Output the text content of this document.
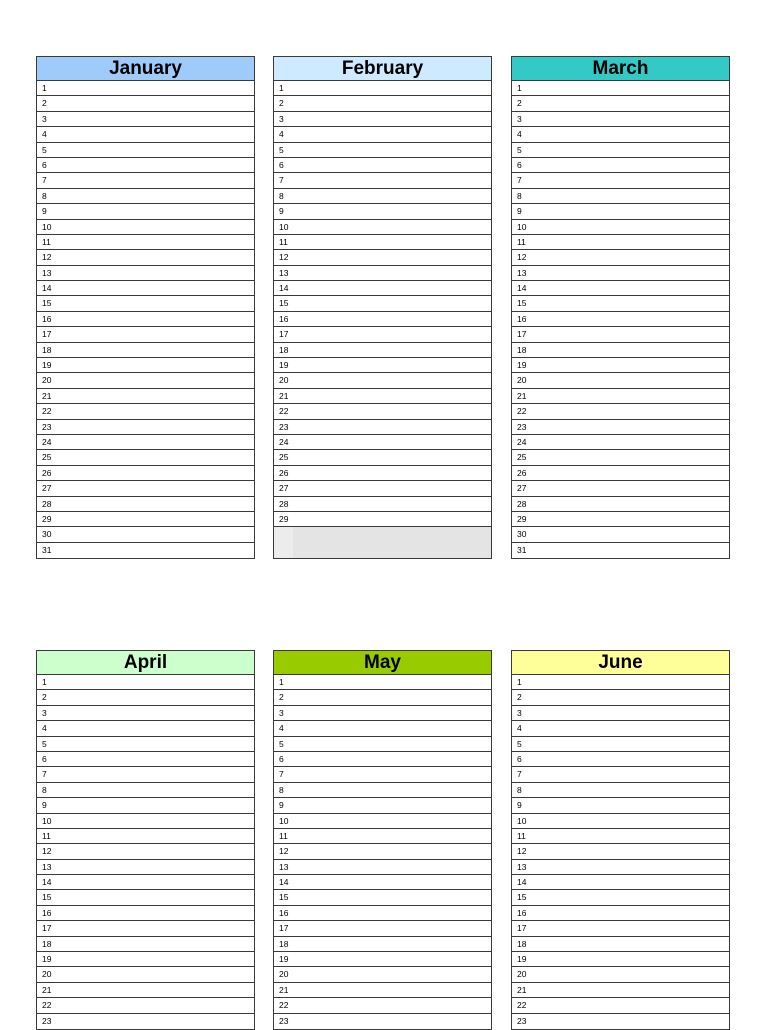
January
1
2
3
4
5
6
7
8
9
10
11
12
13
14
15
16
17
18
19
20
21
22
23
24
25
26
27
28
29
30
31
February
1
2
3
4
5
6
7
8
9
10
11
12
13
14
15
16
17
18
19
20
21
22
23
24
25
26
27
28
29
March
1
2
3
4
5
6
7
8
9
10
11
12
13
14
15
16
17
18
19
20
21
22
23
24
25
26
27
28
29
30
31
April
1
2
3
4
5
6
7
8
9
10
11
12
13
14
15
16
17
18
19
20
21
22
23
May
1
2
3
4
5
6
7
8
9
10
11
12
13
14
15
16
17
18
19
20
21
22
23
June
1
2
3
4
5
6
7
8
9
10
11
12
13
14
15
16
17
18
19
20
21
22
23
